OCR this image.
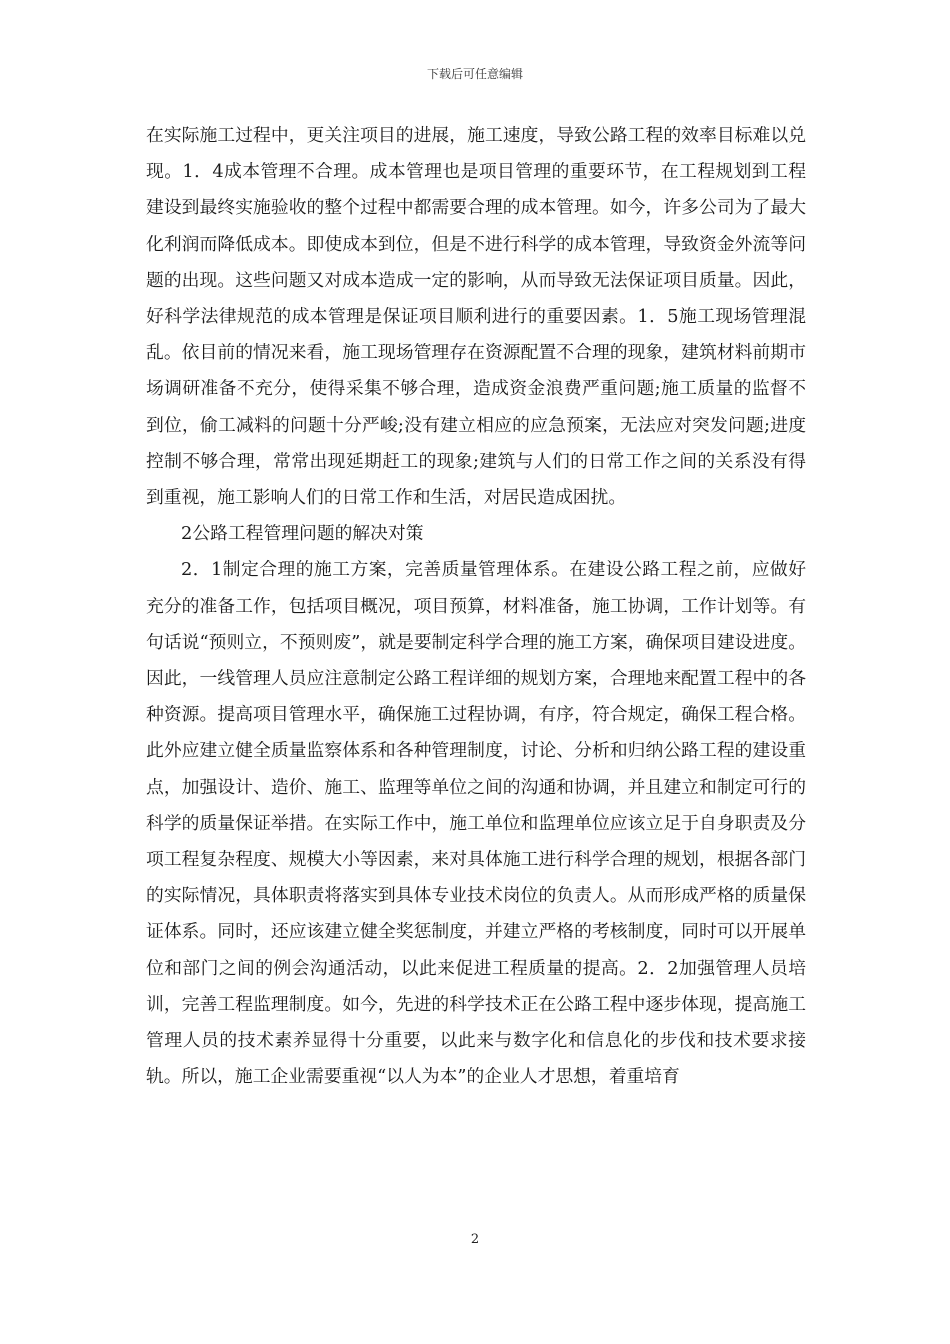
下载后可任意编辑

在实际施工过程中，更关注项目的进展，施工速度，导致公路工程的效率目标难以兑现。1．4成本管理不合理。成本管理也是项目管理的重要环节，在工程规划到工程建设到最终实施验收的整个过程中都需要合理的成本管理。如今，许多公司为了最大化利润而降低成本。即使成本到位，但是不进行科学的成本管理，导致资金外流等问题的出现。这些问题又对成本造成一定的影响，从而导致无法保证项目质量。因此，好科学法律规范的成本管理是保证项目顺利进行的重要因素。1．5施工现场管理混乱。依目前的情况来看，施工现场管理存在资源配置不合理的现象，建筑材料前期市场调研准备不充分，使得采集不够合理，造成资金浪费严重问题;施工质量的监督不到位，偷工减料的问题十分严峻;没有建立相应的应急预案，无法应对突发问题;进度控制不够合理，常常出现延期赶工的现象;建筑与人们的日常工作之间的关系没有得到重视，施工影响人们的日常工作和生活，对居民造成困扰。

2公路工程管理问题的解决对策

2．1制定合理的施工方案，完善质量管理体系。在建设公路工程之前，应做好充分的准备工作，包括项目概况，项目预算，材料准备，施工协调，工作计划等。有句话说“预则立，不预则废”，就是要制定科学合理的施工方案，确保项目建设进度。因此，一线管理人员应注意制定公路工程详细的规划方案，合理地来配置工程中的各种资源。提高项目管理水平，确保施工过程协调，有序，符合规定，确保工程合格。此外应建立健全质量监察体系和各种管理制度，讨论、分析和归纳公路工程的建设重点，加强设计、造价、施工、监理等单位之间的沟通和协调，并且建立和制定可行的科学的质量保证举措。在实际工作中，施工单位和监理单位应该立足于自身职责及分项工程复杂程度、规模大小等因素，来对具体施工进行科学合理的规划，根据各部门的实际情况，具体职责将落实到具体专业技术岗位的负责人。从而形成严格的质量保证体系。同时，还应该建立健全奖惩制度，并建立严格的考核制度，同时可以开展单位和部门之间的例会沟通活动，以此来促进工程质量的提高。2．2加强管理人员培训，完善工程监理制度。如今，先进的科学技术正在公路工程中逐步体现，提高施工管理人员的技术素养显得十分重要，以此来与数字化和信息化的步伐和技术要求接轨。所以，施工企业需要重视“以人为本”的企业人才思想，着重培育

2
